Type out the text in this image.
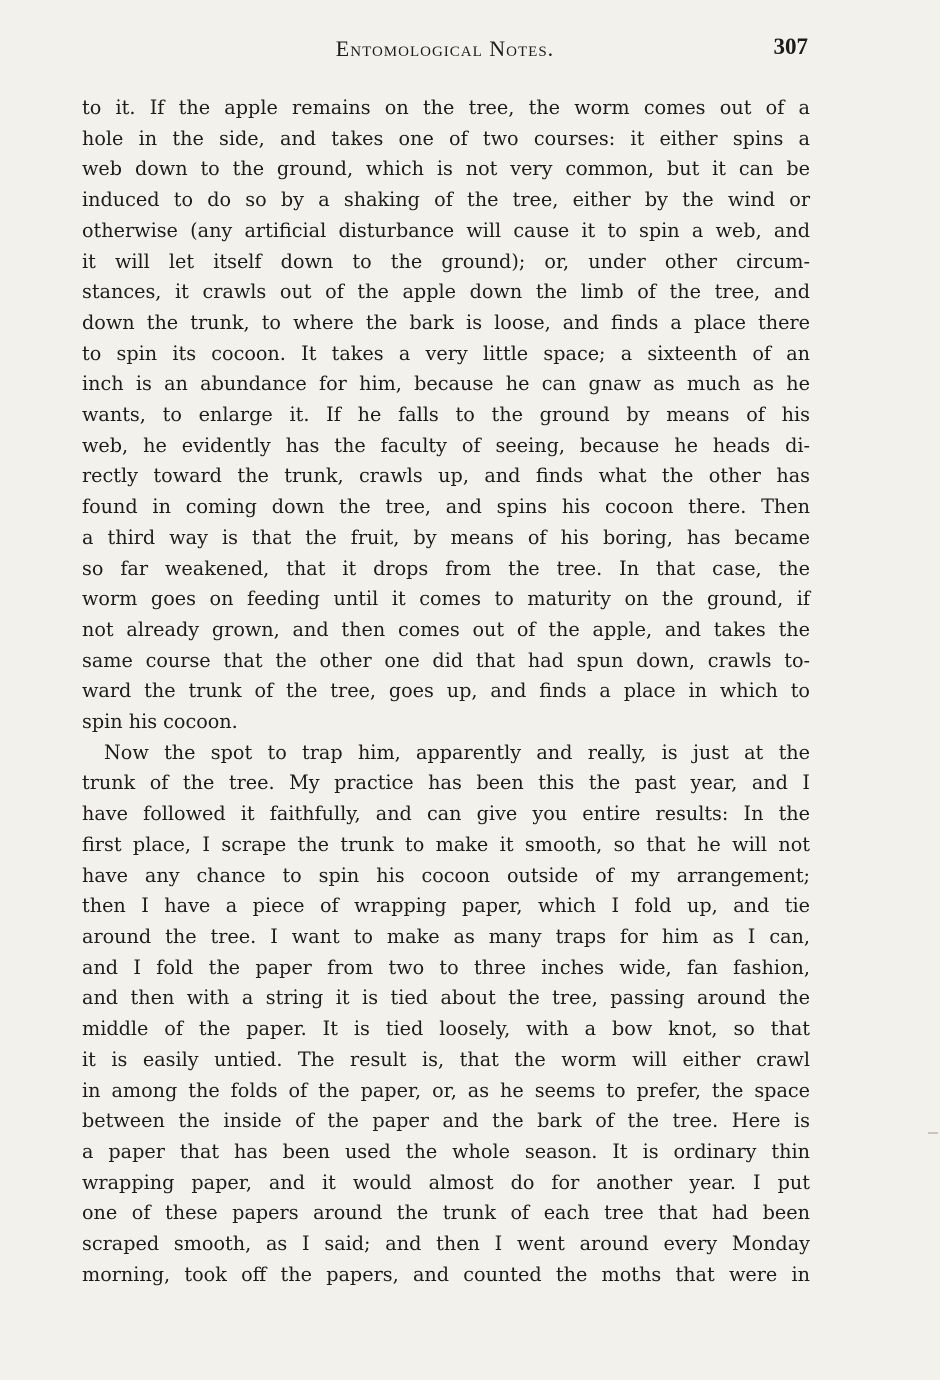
Entomological Notes.	307
to it. If the apple remains on the tree, the worm comes out of a
hole in the side, and takes one of two courses: it either spins a
web down to the ground, which is not very common, but it can be
induced to do so by a shaking of the tree, either by the wind or
otherwise (any artificial disturbance will cause it to spin a web, and
it will let itself down to the ground); or, under other circum-
stances, it crawls out of the apple down the limb of the tree, and
down the trunk, to where the bark is loose, and finds a place there
to spin its cocoon. It takes a very little space; a sixteenth of an
inch is an abundance for him, because he can gnaw as much as he
wants, to enlarge it. If he falls to the ground by means of his
web, he evidently has the faculty of seeing, because he heads di-
rectly toward the trunk, crawls up, and finds what the other has
found in coming down the tree, and spins his cocoon there. Then
a third way is that the fruit, by means of his boring, has became
so far weakened, that it drops from the tree. In that case, the
worm goes on feeding until it comes to maturity on the ground, if
not already grown, and then comes out of the apple, and takes the
same course that the other one did that had spun down, crawls to-
ward the trunk of the tree, goes up, and finds a place in which to
spin his cocoon.
Now the spot to trap him, apparently and really, is just at the
trunk of the tree. My practice has been this the past year, and I
have followed it faithfully, and can give you entire results: In the
first place, I scrape the trunk to make it smooth, so that he will not
have any chance to spin his cocoon outside of my arrangement;
then I have a piece of wrapping paper, which I fold up, and tie
around the tree. I want to make as many traps for him as I can,
and I fold the paper from two to three inches wide, fan fashion,
and then with a string it is tied about the tree, passing around the
middle of the paper. It is tied loosely, with a bow knot, so that
it is easily untied. The result is, that the worm will either crawl
in among the folds of the paper, or, as he seems to prefer, the space
between the inside of the paper and the bark of the tree. Here is
a paper that has been used the whole season. It is ordinary thin
wrapping paper, and it would almost do for another year. I put
one of these papers around the trunk of each tree that had been
scraped smooth, as I said; and then I went around every Monday
morning, took off the papers, and counted the moths that were in
